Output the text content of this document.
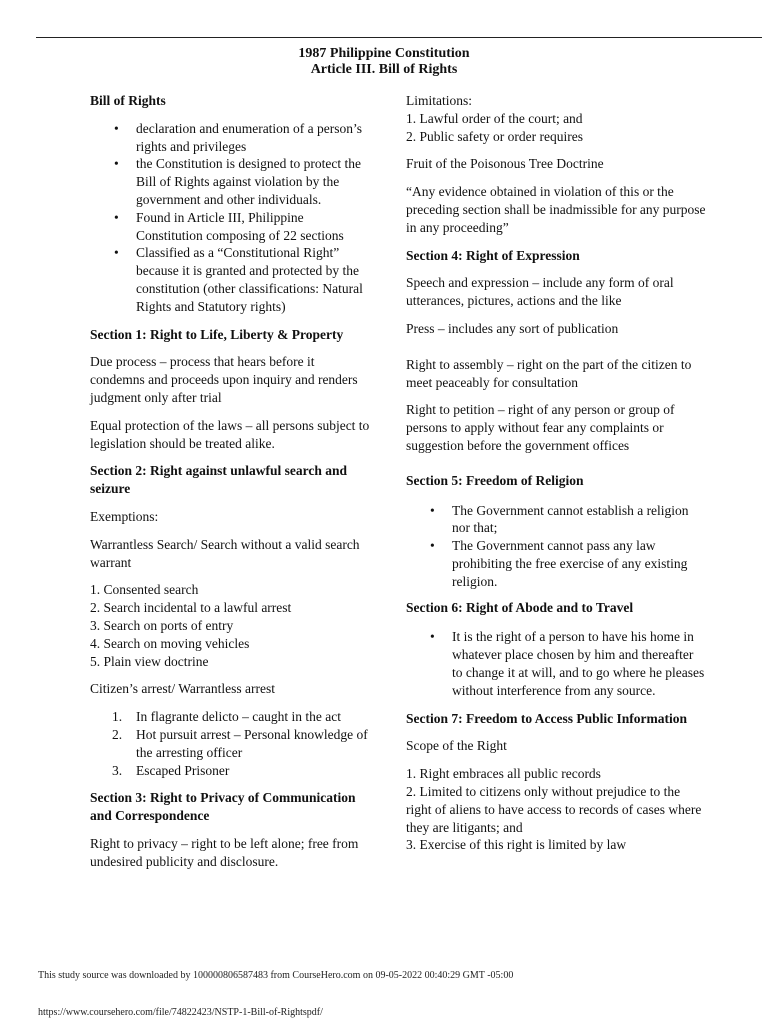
1987 Philippine Constitution
Article III. Bill of Rights

Bill of Rights

• declaration and enumeration of a person’s rights and privileges
• the Constitution is designed to protect the Bill of Rights against violation by the government and other individuals.
• Found in Article III, Philippine Constitution composing of 22 sections
• Classified as a “Constitutional Right” because it is granted and protected by the constitution (other classifications: Natural Rights and Statutory rights)

Section 1: Right to Life, Liberty & Property

Due process – process that hears before it condemns and proceeds upon inquiry and renders judgment only after trial

Equal protection of the laws – all persons subject to legislation should be treated alike.

Section 2: Right against unlawful search and seizure

Exemptions:

Warrantless Search/ Search without a valid search warrant

1. Consented search
2. Search incidental to a lawful arrest
3. Search on ports of entry
4. Search on moving vehicles
5. Plain view doctrine

Citizen’s arrest/ Warrantless arrest

1. In flagrante delicto – caught in the act
2. Hot pursuit arrest – Personal knowledge of the arresting officer
3. Escaped Prisoner

Section 3: Right to Privacy of Communication and Correspondence

Right to privacy – right to be left alone; free from undesired publicity and disclosure.

Limitations:

1. Lawful order of the court; and
2. Public safety or order requires

Fruit of the Poisonous Tree Doctrine

“Any evidence obtained in violation of this or the preceding section shall be inadmissible for any purpose in any proceeding”

Section 4: Right of Expression

Speech and expression – include any form of oral utterances, pictures, actions and the like

Press – includes any sort of publication

Right to assembly – right on the part of the citizen to meet peaceably for consultation

Right to petition – right of any person or group of persons to apply without fear any complaints or suggestion before the government offices

Section 5: Freedom of Religion

• The Government cannot establish a religion nor that;
• The Government cannot pass any law prohibiting the free exercise of any existing religion.

Section 6: Right of Abode and to Travel

• It is the right of a person to have his home in whatever place chosen by him and thereafter to change it at will, and to go where he pleases without interference from any source.

Section 7: Freedom to Access Public Information

Scope of the Right

1. Right embraces all public records
2. Limited to citizens only without prejudice to the right of aliens to have access to records of cases where they are litigants; and
3. Exercise of this right is limited by law
This study source was downloaded by 100000806587483 from CourseHero.com on 09-05-2022 00:40:29 GMT -05:00
https://www.coursehero.com/file/74822423/NSTP-1-Bill-of-Rightspdf/
